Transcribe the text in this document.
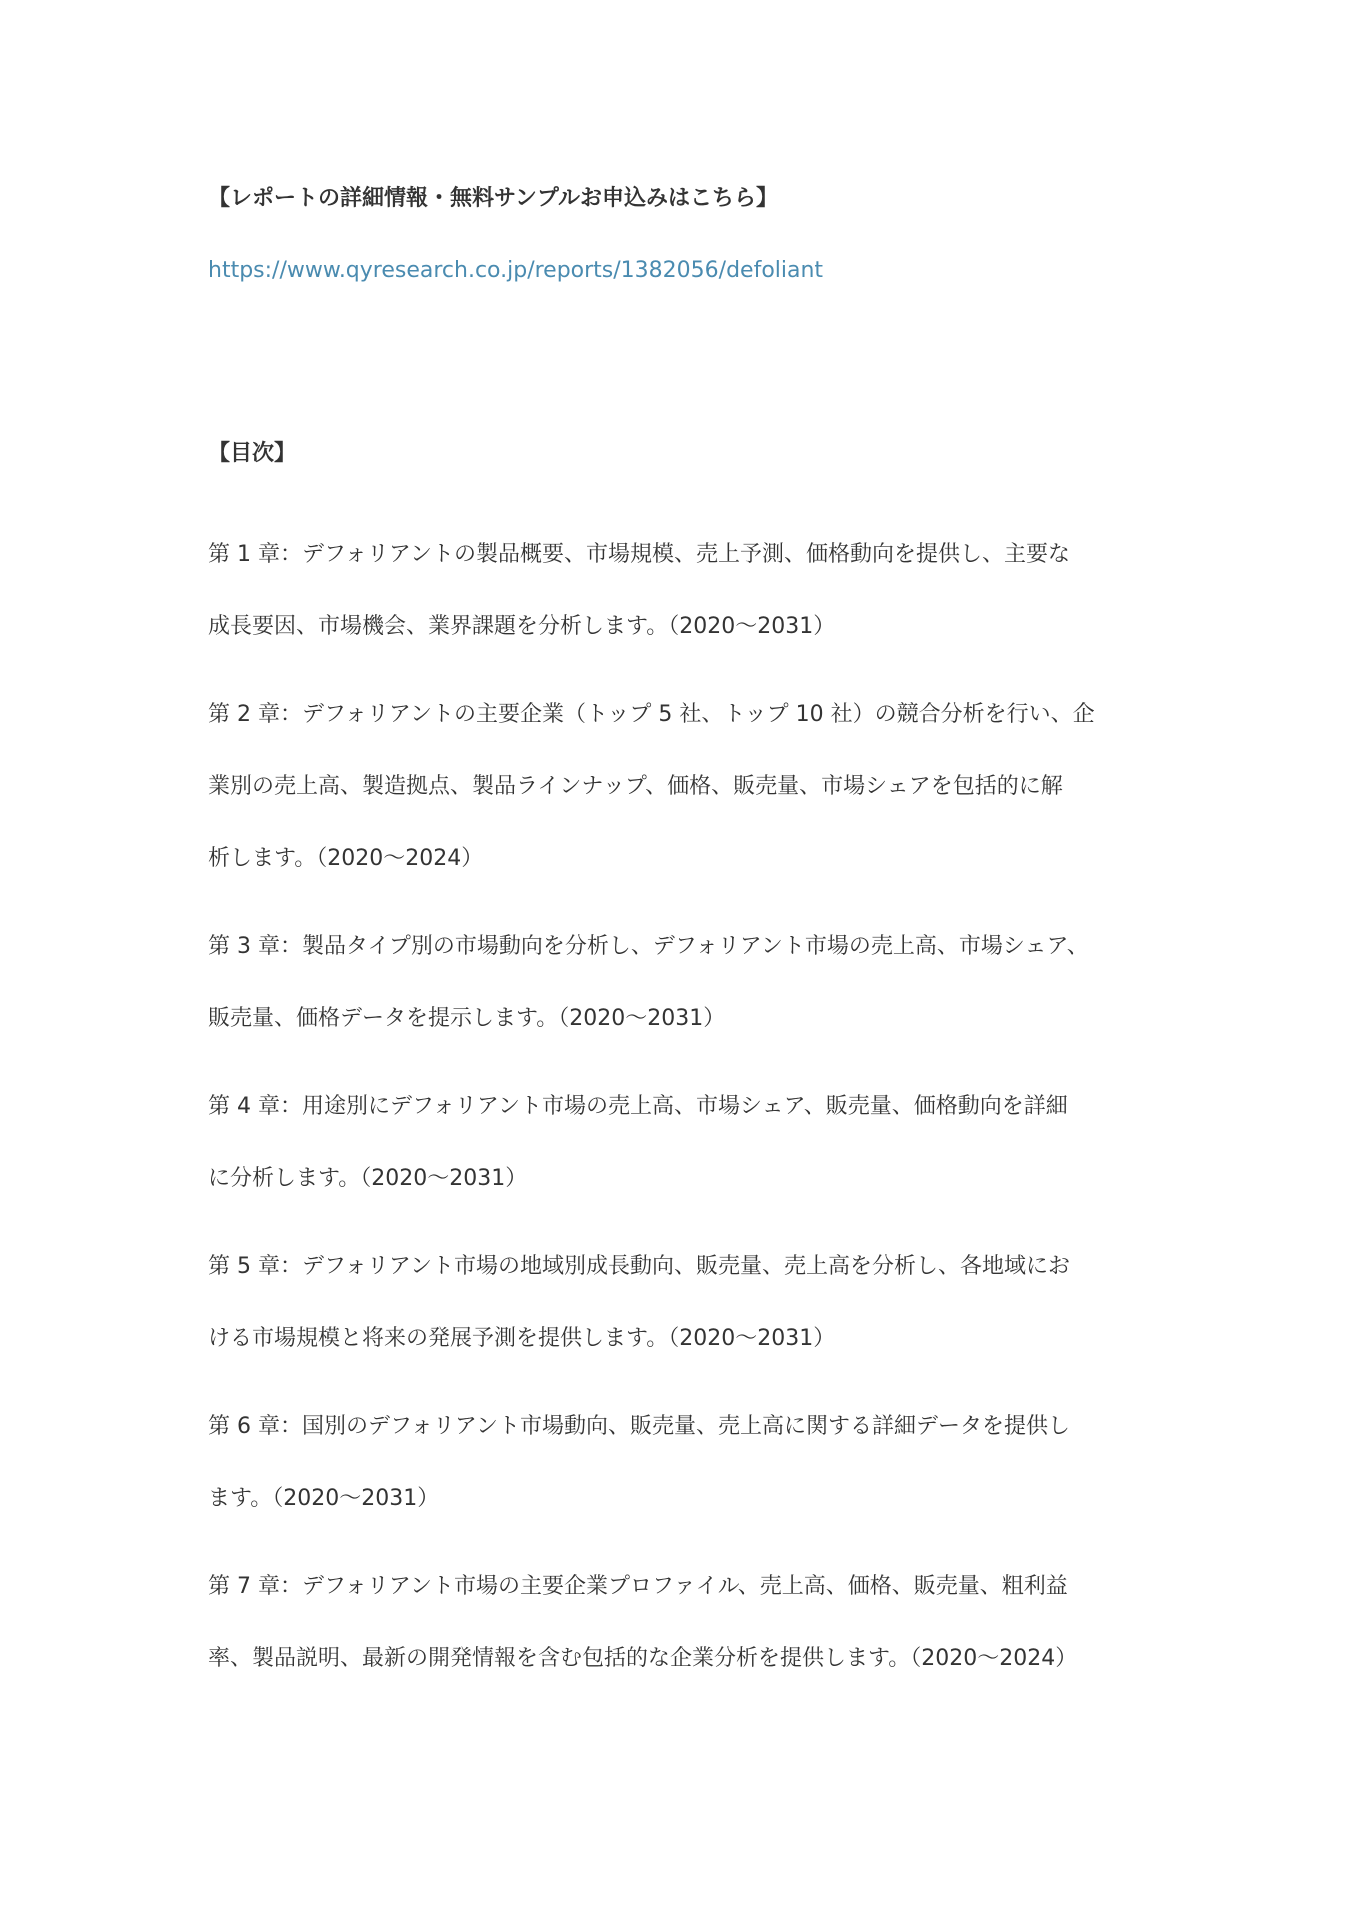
【レポートの詳細情報・無料サンプルお申込みはこちら】

https://www.qyresearch.co.jp/reports/1382056/defoliant

【目次】

第 1 章：デフォリアントの製品概要、市場規模、売上予測、価格動向を提供し、主要な
成長要因、市場機会、業界課題を分析します。（2020～2031）

第 2 章：デフォリアントの主要企業（トップ 5 社、トップ 10 社）の競合分析を行い、企
業別の売上高、製造拠点、製品ラインナップ、価格、販売量、市場シェアを包括的に解
析します。（2020～2024）

第 3 章：製品タイプ別の市場動向を分析し、デフォリアント市場の売上高、市場シェア、
販売量、価格データを提示します。（2020～2031）

第 4 章：用途別にデフォリアント市場の売上高、市場シェア、販売量、価格動向を詳細
に分析します。（2020～2031）

第 5 章：デフォリアント市場の地域別成長動向、販売量、売上高を分析し、各地域にお
ける市場規模と将来の発展予測を提供します。（2020～2031）

第 6 章：国別のデフォリアント市場動向、販売量、売上高に関する詳細データを提供し
ます。（2020～2031）

第 7 章：デフォリアント市場の主要企業プロファイル、売上高、価格、販売量、粗利益
率、製品説明、最新の開発情報を含む包括的な企業分析を提供します。（2020～2024）
